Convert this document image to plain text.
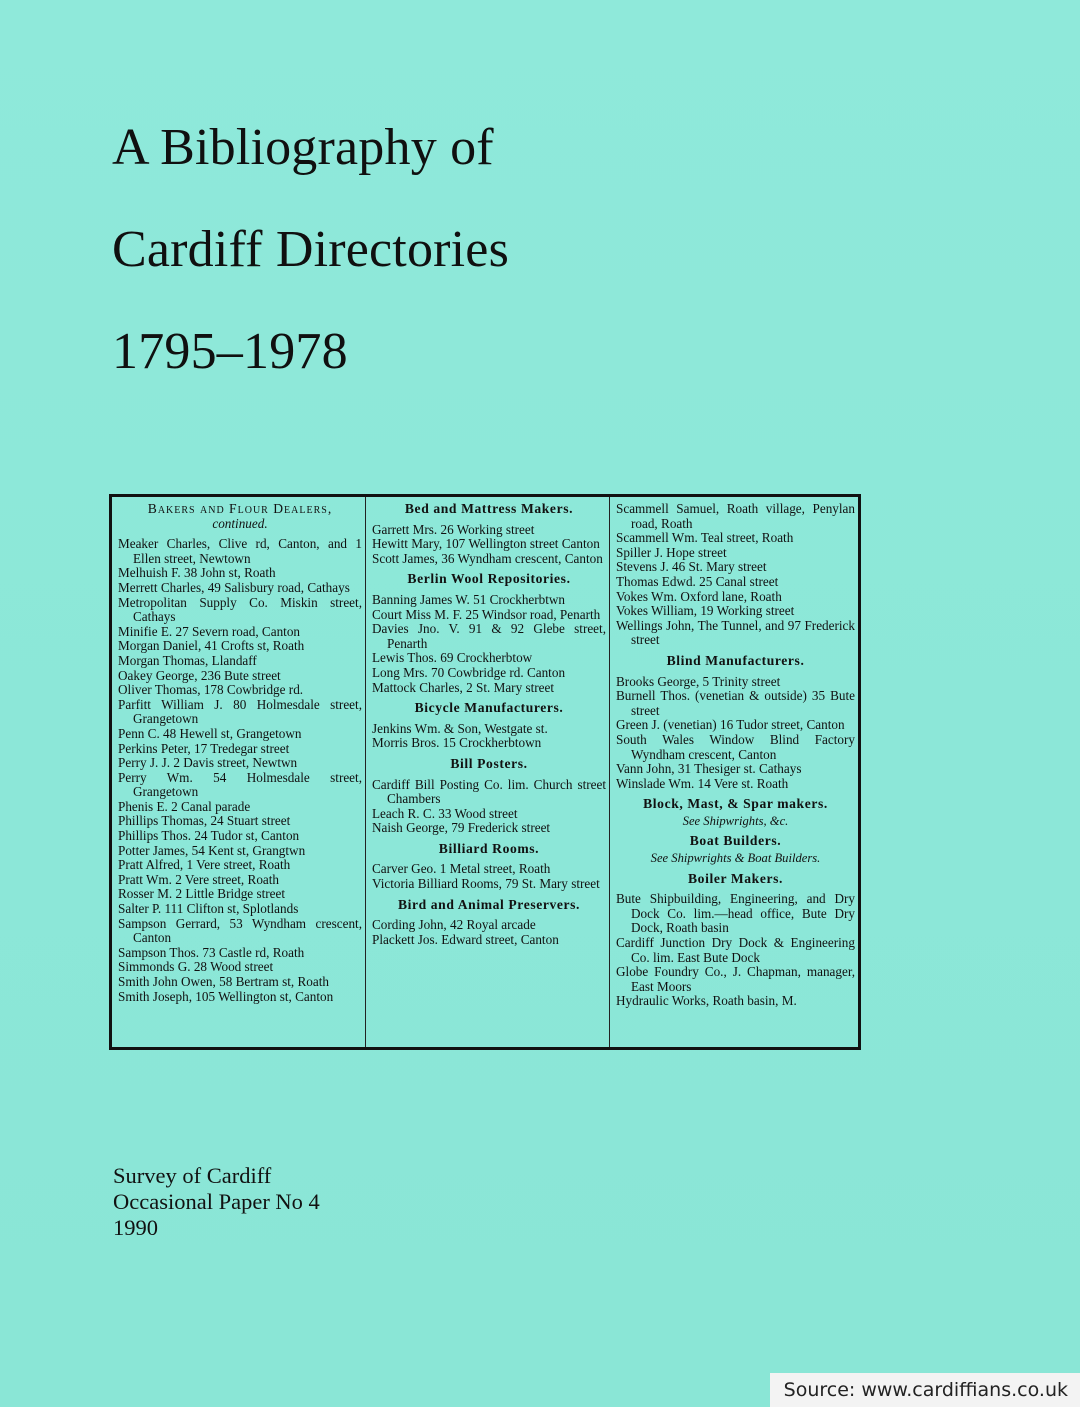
A Bibliography of
Cardiff Directories
1795–1978
Bakers and Flour Dealers,
continued.
Meaker Charles, Clive rd, Canton, and 1 Ellen street, Newtown
Melhuish F. 38 John st, Roath
Merrett Charles, 49 Salisbury road, Cathays
Metropolitan Supply Co. Miskin street, Cathays
Minifie E. 27 Severn road, Canton
Morgan Daniel, 41 Crofts st, Roath
Morgan Thomas, Llandaff
Oakey George, 236 Bute street
Oliver Thomas, 178 Cowbridge rd.
Parfitt William J. 80 Holmesdale street, Grangetown
Penn C. 48 Hewell st, Grangetown
Perkins Peter, 17 Tredegar street
Perry J. J. 2 Davis street, Newtwn
Perry Wm. 54 Holmesdale street, Grangetown
Phenis E. 2 Canal parade
Phillips Thomas, 24 Stuart street
Phillips Thos. 24 Tudor st, Canton
Potter James, 54 Kent st, Grangtwn
Pratt Alfred, 1 Vere street, Roath
Pratt Wm. 2 Vere street, Roath
Rosser M. 2 Little Bridge street
Salter P. 111 Clifton st, Splotlands
Sampson Gerrard, 53 Wyndham crescent, Canton
Sampson Thos. 73 Castle rd, Roath
Simmonds G. 28 Wood street
Smith John Owen, 58 Bertram st, Roath
Smith Joseph, 105 Wellington st, Canton
Bed and Mattress Makers.
Garrett Mrs. 26 Working street
Hewitt Mary, 107 Wellington street Canton
Scott James, 36 Wyndham crescent, Canton
Berlin Wool Repositories.
Banning James W. 51 Crockherbtwn
Court Miss M. F. 25 Windsor road, Penarth
Davies Jno. V. 91 & 92 Glebe street, Penarth
Lewis Thos. 69 Crockherbtow
Long Mrs. 70 Cowbridge rd. Canton
Mattock Charles, 2 St. Mary street
Bicycle Manufacturers.
Jenkins Wm. & Son, Westgate st.
Morris Bros. 15 Crockherbtown
Bill Posters.
Cardiff Bill Posting Co. lim. Church street Chambers
Leach R. C. 33 Wood street
Naish George, 79 Frederick street
Billiard Rooms.
Carver Geo. 1 Metal street, Roath
Victoria Billiard Rooms, 79 St. Mary street
Bird and Animal Preservers.
Cording John, 42 Royal arcade
Plackett Jos. Edward street, Canton
Scammell Samuel, Roath village, Penylan road, Roath
Scammell Wm. Teal street, Roath
Spiller J. Hope street
Stevens J. 46 St. Mary street
Thomas Edwd. 25 Canal street
Vokes Wm. Oxford lane, Roath
Vokes William, 19 Working street
Wellings John, The Tunnel, and 97 Frederick street
Blind Manufacturers.
Brooks George, 5 Trinity street
Burnell Thos. (venetian & outside) 35 Bute street
Green J. (venetian) 16 Tudor street, Canton
South Wales Window Blind Factory Wyndham crescent, Canton
Vann John, 31 Thesiger st. Cathays
Winslade Wm. 14 Vere st. Roath
Block, Mast, & Spar makers.
See Shipwrights, &c.
Boat Builders.
See Shipwrights & Boat Builders.
Boiler Makers.
Bute Shipbuilding, Engineering, and Dry Dock Co. lim.—head office, Bute Dry Dock, Roath basin
Cardiff Junction Dry Dock & Engineering Co. lim. East Bute Dock
Globe Foundry Co., J. Chapman, manager, East Moors
Hydraulic Works, Roath basin, M.

Survey of Cardiff

Occasional Paper No 4

1990

Source: www.cardiffians.co.uk
